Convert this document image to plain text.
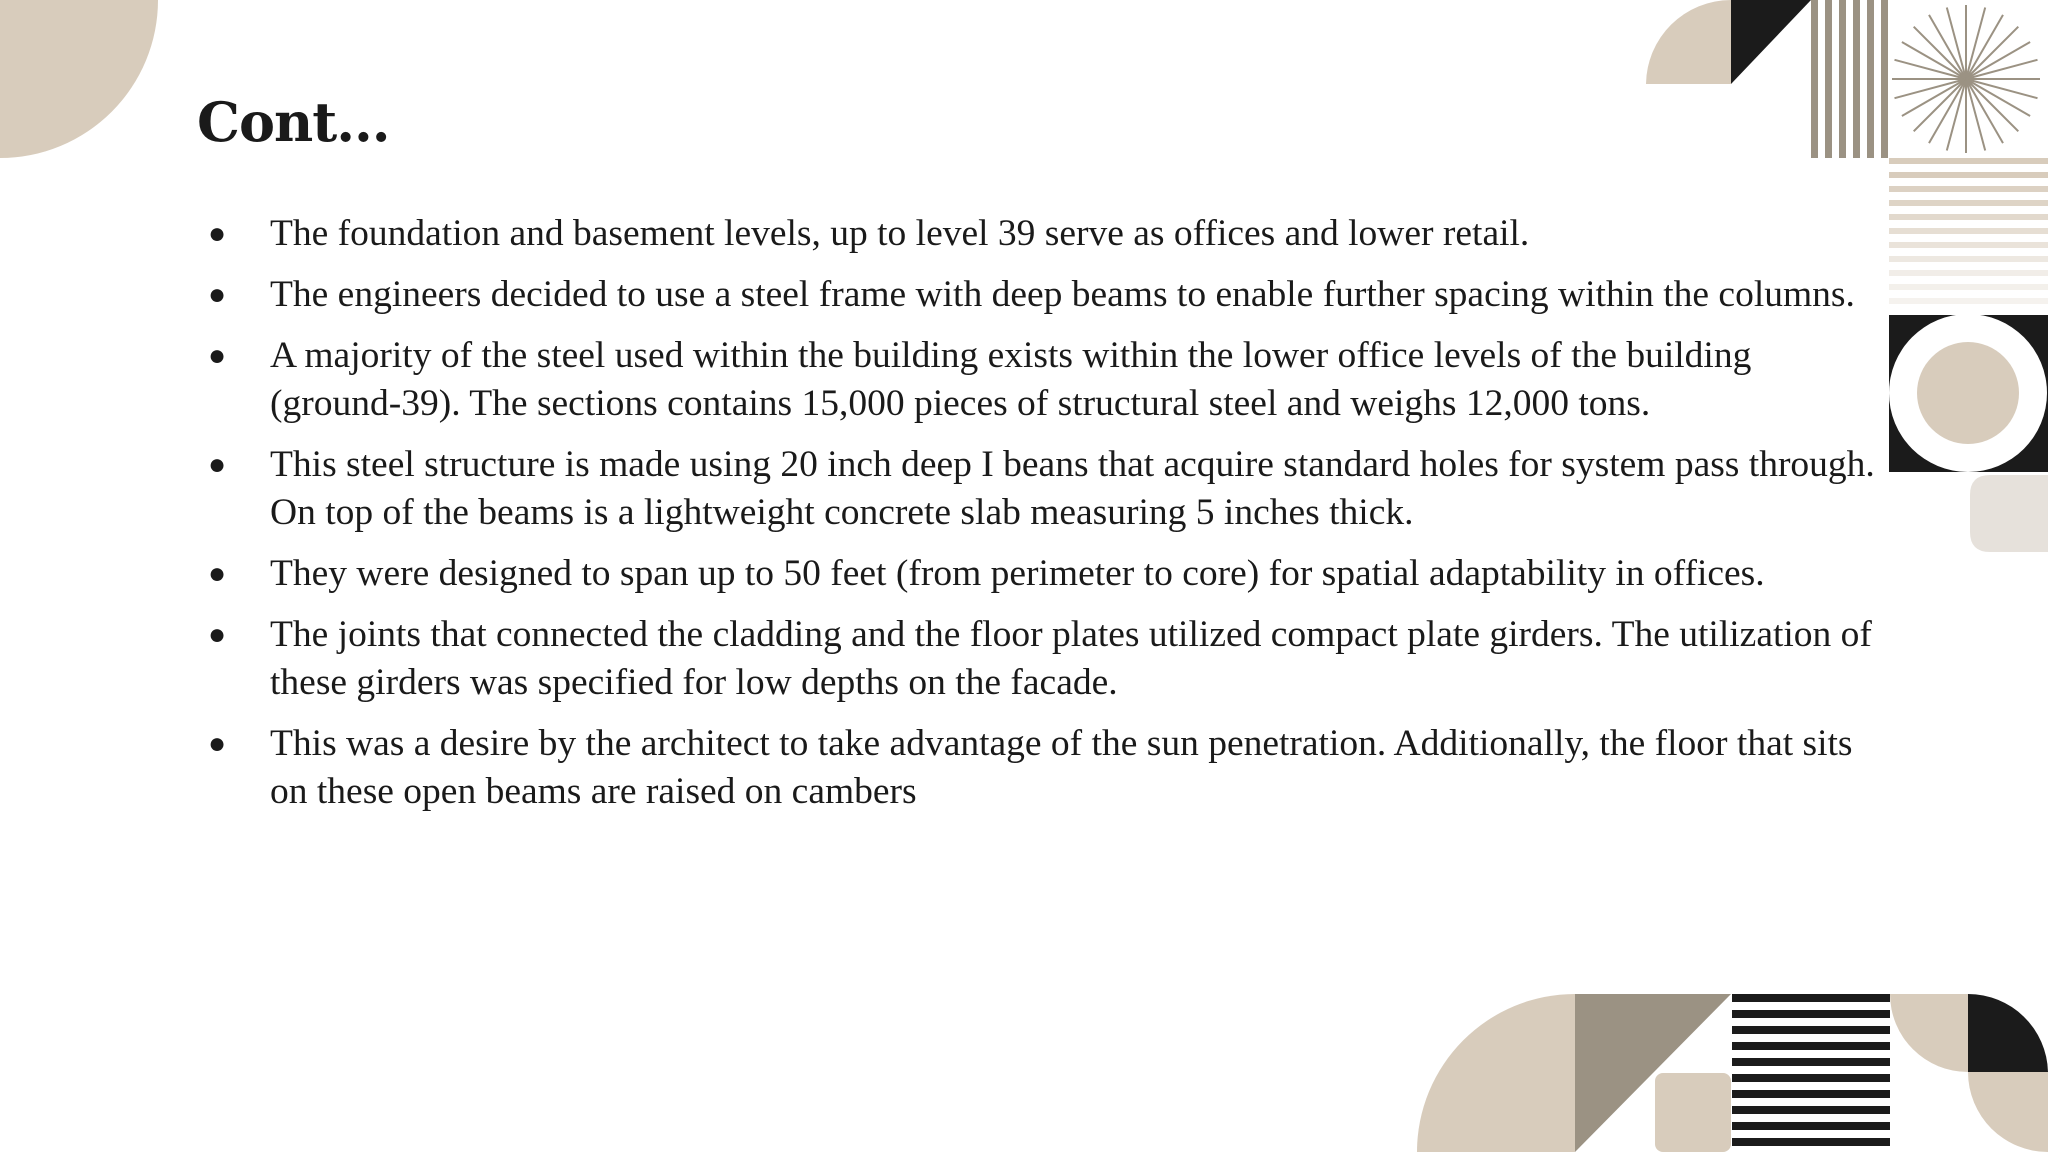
Cont...
● The foundation and basement levels, up to level 39 serve as offices and lower retail.
● The engineers decided to use a steel frame with deep beams to enable further spacing within the columns.
● A majority of the steel used within the building exists within the lower office levels of the building (ground-39). The sections contains 15,000 pieces of structural steel and weighs 12,000 tons.
● This steel structure is made using 20 inch deep I beans that acquire standard holes for system pass through. On top of the beams is a lightweight concrete slab measuring 5 inches thick.
● They were designed to span up to 50 feet (from perimeter to core) for spatial adaptability in offices.
● The joints that connected the cladding and the floor plates utilized compact plate girders. The utilization of these girders was specified for low depths on the facade.
● This was a desire by the architect to take advantage of the sun penetration. Additionally, the floor that sits on these open beams are raised on cambers
